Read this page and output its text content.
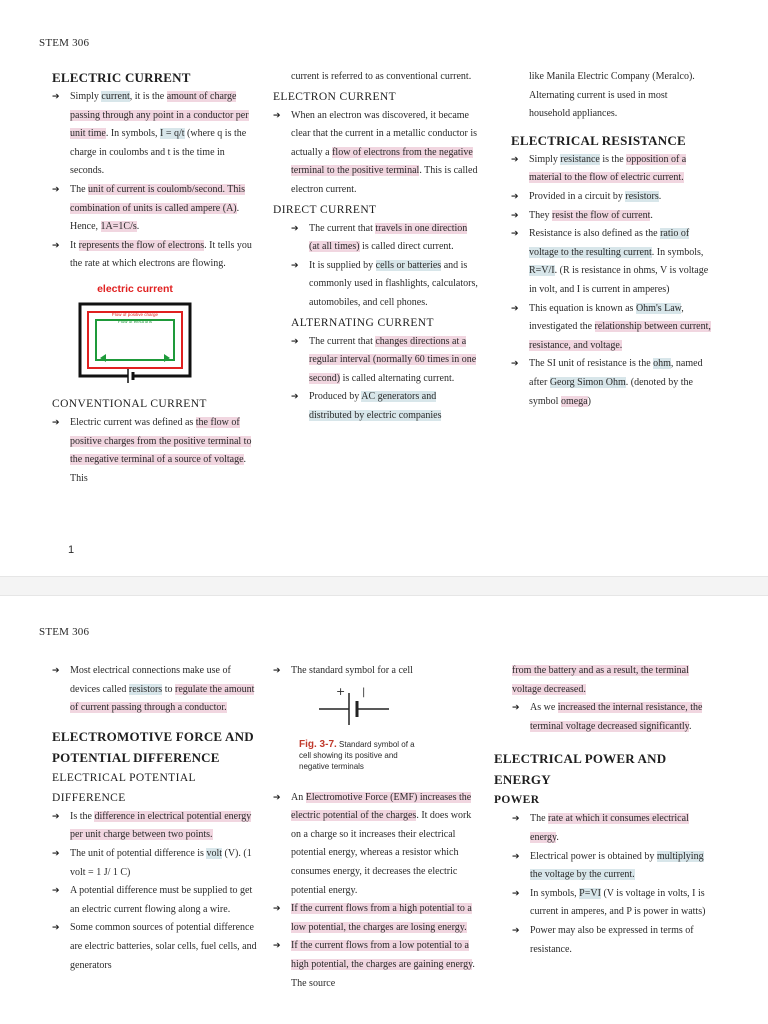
STEM 306
ELECTRIC CURRENT
➔ Simply current, it is the amount of charge passing through any point in a conductor per unit time. In symbols, I = q/t (where q is the charge in coulombs and t is the time in seconds.
➔ The unit of current is coulomb/second. This combination of units is called ampere (A). Hence, 1A=1C/s.
➔ It represents the flow of electrons. It tells you the rate at which electrons are flowing.
electric current
Flow of positive charge
Flow of electrons
CONVENTIONAL CURRENT
➔ Electric current was defined as the flow of positive charges from the positive terminal to the negative terminal of a source of voltage. This

current is referred to as conventional current.

ELECTRON CURRENT
➔ When an electron was discovered, it became clear that the current in a metallic conductor is actually a flow of electrons from the negative terminal to the positive terminal. This is called electron current.
DIRECT CURRENT
➔ The current that travels in one direction (at all times) is called direct current.
➔ It is supplied by cells or batteries and is commonly used in flashlights, calculators, automobiles, and cell phones.
ALTERNATING CURRENT
➔ The current that changes directions at a regular interval (normally 60 times in one second) is called alternating current.
➔ Produced by AC generators and distributed by electric companies

like Manila Electric Company (Meralco). Alternating current is used in most household appliances.

ELECTRICAL RESISTANCE
➔ Simply resistance is the opposition of a material to the flow of electric current.
➔ Provided in a circuit by resistors.
➔ They resist the flow of current.
➔ Resistance is also defined as the ratio of voltage to the resulting current. In symbols, R=V/I. (R is resistance in ohms, V is voltage in volt, and I is current in amperes)
➔ This equation is known as Ohm's Law, investigated the relationship between current, resistance, and voltage.
➔ The SI unit of resistance is the ohm, named after Georg Simon Ohm. (denoted by the symbol omega)
1
STEM 306
➔ Most electrical connections make use of devices called resistors to regulate the amount of current passing through a conductor.
ELECTROMOTIVE FORCE AND POTENTIAL DIFFERENCE
ELECTRICAL POTENTIAL DIFFERENCE
➔ Is the difference in electrical potential energy per unit charge between two points.
➔ The unit of potential difference is volt (V). (1 volt = 1 J/ 1 C)
➔ A potential difference must be supplied to get an electric current flowing along a wire.
➔ Some common sources of potential difference are electric batteries, solar cells, fuel cells, and generators
➔ The standard symbol for a cell
+ |
Fig. 3-7. Standard symbol of a cell showing its positive and negative terminals
➔ An Electromotive Force (EMF) increases the electric potential of the charges. It does work on a charge so it increases their electrical potential energy, whereas a resistor which consumes energy, it decreases the electric potential energy.
➔ If the current flows from a high potential to a low potential, the charges are losing energy.
➔ If the current flows from a low potential to a high potential, the charges are gaining energy. The source

from the battery and as a result, the terminal voltage decreased.

➔ As we increased the internal resistance, the terminal voltage decreased significantly.
ELECTRICAL POWER AND ENERGY
POWER
➔ The rate at which it consumes electrical energy.
➔ Electrical power is obtained by multiplying the voltage by the current.
➔ In symbols, P=VI (V is voltage in volts, I is current in amperes, and P is power in watts)
➔ Power may also be expressed in terms of resistance.
